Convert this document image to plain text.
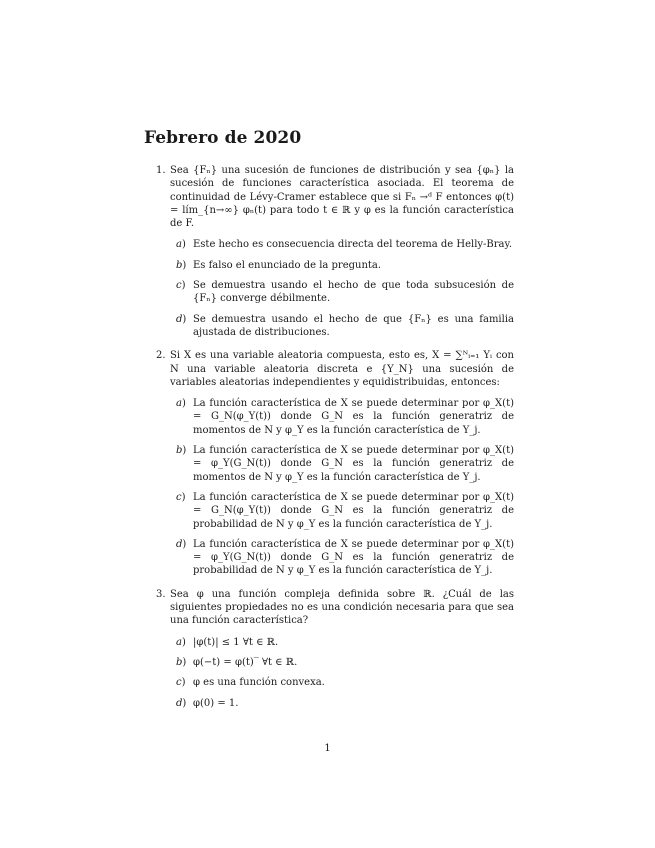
Febrero de 2020
1. Sea {Fₙ} una sucesión de funciones de distribución y sea {φₙ} la sucesión de funciones característica asociada. El teorema de continuidad de Lévy-Cramer establece que si Fₙ →ᵈ F entonces φ(t) = lím_{n→∞} φₙ(t) para todo t ∈ ℝ y φ es la función característica de F.
a )	Este hecho es consecuencia directa del teorema de Helly-Bray.
b )	Es falso el enunciado de la pregunta.
c )	Se demuestra usando el hecho de que toda subsucesión de {Fₙ} converge débilmente.
d )	Se demuestra usando el hecho de que {Fₙ} es una familia ajustada de distribuciones.
2. Si X es una variable aleatoria compuesta, esto es, X = ∑ᴺᵢ₌₁ Yᵢ con N una variable aleatoria discreta e {Y_N} una sucesión de variables aleatorias independientes y equidistribuidas, entonces:
a )	La función característica de X se puede determinar por φ_X(t) = G_N(φ_Y(t)) donde G_N es la función generatriz de momentos de N y φ_Y es la función característica de Y_j.
b )	La función característica de X se puede determinar por φ_X(t) = φ_Y(G_N(t)) donde G_N es la función generatriz de momentos de N y φ_Y es la función característica de Y_j.
c )	La función característica de X se puede determinar por φ_X(t) = G_N(φ_Y(t)) donde G_N es la función generatriz de probabilidad de N y φ_Y es la función característica de Y_j.
d )	La función característica de X se puede determinar por φ_X(t) = φ_Y(G_N(t)) donde G_N es la función generatriz de probabilidad de N y φ_Y es la función característica de Y_j.
3. Sea φ una función compleja definida sobre ℝ. ¿Cuál de las siguientes propiedades no es una condición necesaria para que sea una función característica?
a )	|φ(t)| ≤ 1 ∀t ∈ ℝ.
b )	φ(−t) = φ(t)‾ ∀t ∈ ℝ.
c )	φ es una función convexa.
d )	φ(0) = 1.
1
